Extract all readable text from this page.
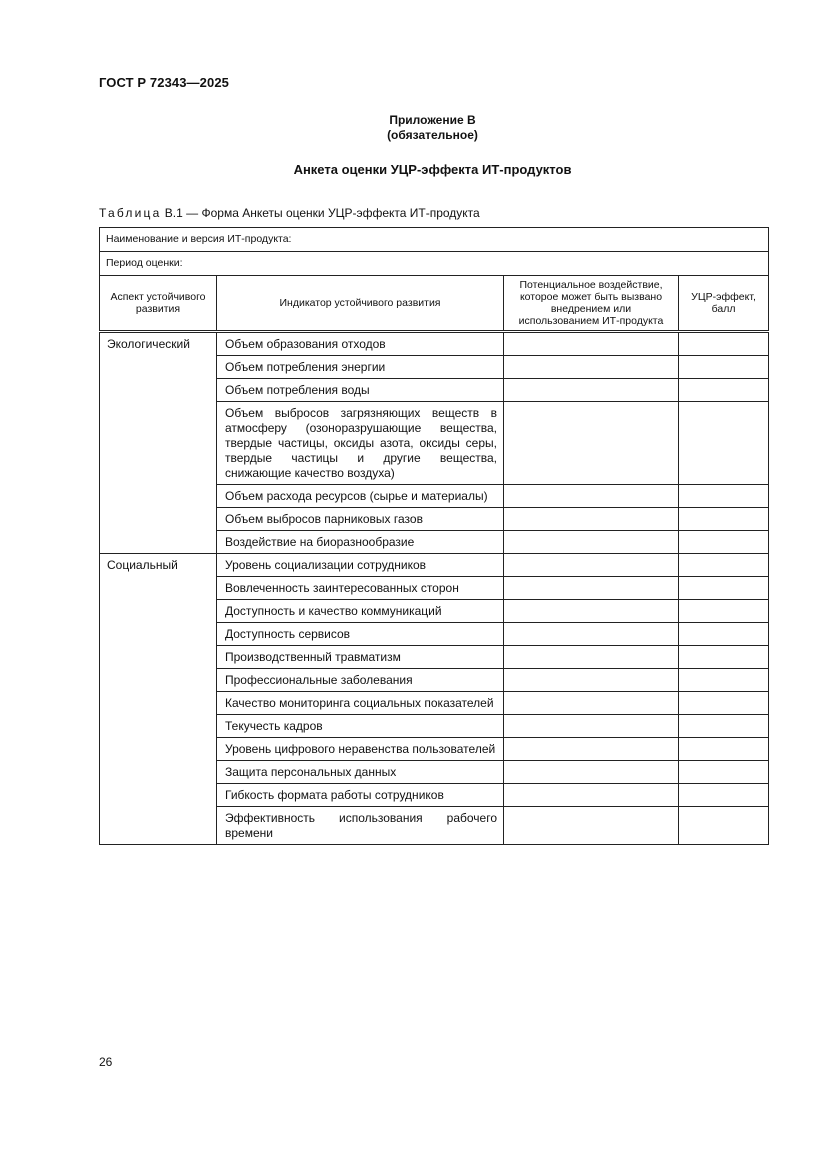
ГОСТ Р 72343—2025
Приложение В
(обязательное)
Анкета оценки УЦР-эффекта ИТ-продуктов
Таблица В.1 — Форма Анкеты оценки УЦР-эффекта ИТ-продукта
Наименование и версия ИТ-продукта:			
Период оценки:			
Аспект устойчивого развития	Индикатор устойчивого развития	Потенциальное воздействие, которое может быть вызвано внедрением или использованием ИТ-продукта	УЦР-эффект, балл
Экологический	Объем образования отходов		
	Объем потребления энергии		
	Объем потребления воды		
	Объем выбросов загрязняющих веществ в атмосферу (озоноразрушающие вещества, твердые частицы, оксиды азота, оксиды серы, твердые частицы и другие вещества, снижающие качество воздуха)		
	Объем расхода ресурсов (сырье и материалы)		
	Объем выбросов парниковых газов		
	Воздействие на биоразнообразие		
Социальный	Уровень социализации сотрудников		
	Вовлеченность заинтересованных сторон		
	Доступность и качество коммуникаций		
	Доступность сервисов		
	Производственный травматизм		
	Профессиональные заболевания		
	Качество мониторинга социальных показателей		
	Текучесть кадров		
	Уровень цифрового неравенства пользователей		
	Защита персональных данных		
	Гибкость формата работы сотрудников		
	Эффективность использования рабочего времени		
26
